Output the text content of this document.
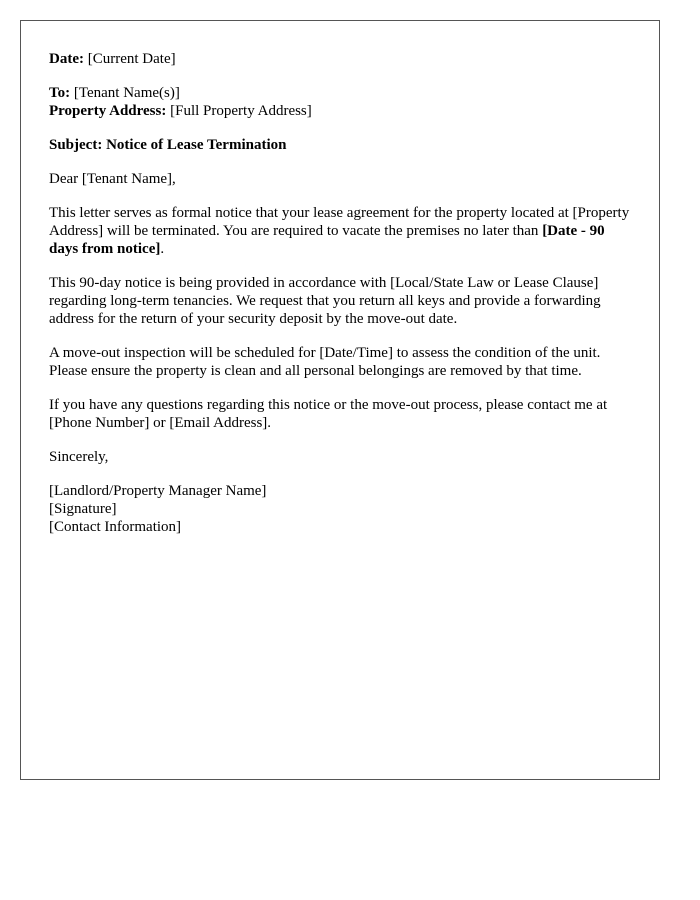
Date: [Current Date]

To: [Tenant Name(s)]
Property Address: [Full Property Address]

Subject: Notice of Lease Termination

Dear [Tenant Name],

This letter serves as formal notice that your lease agreement for the property located at [Property Address] will be terminated. You are required to vacate the premises no later than [Date - 90 days from notice].

This 90-day notice is being provided in accordance with [Local/State Law or Lease Clause] regarding long-term tenancies. We request that you return all keys and provide a forwarding address for the return of your security deposit by the move-out date.

A move-out inspection will be scheduled for [Date/Time] to assess the condition of the unit. Please ensure the property is clean and all personal belongings are removed by that time.

If you have any questions regarding this notice or the move-out process, please contact me at [Phone Number] or [Email Address].

Sincerely,

[Landlord/Property Manager Name]
[Signature]
[Contact Information]
